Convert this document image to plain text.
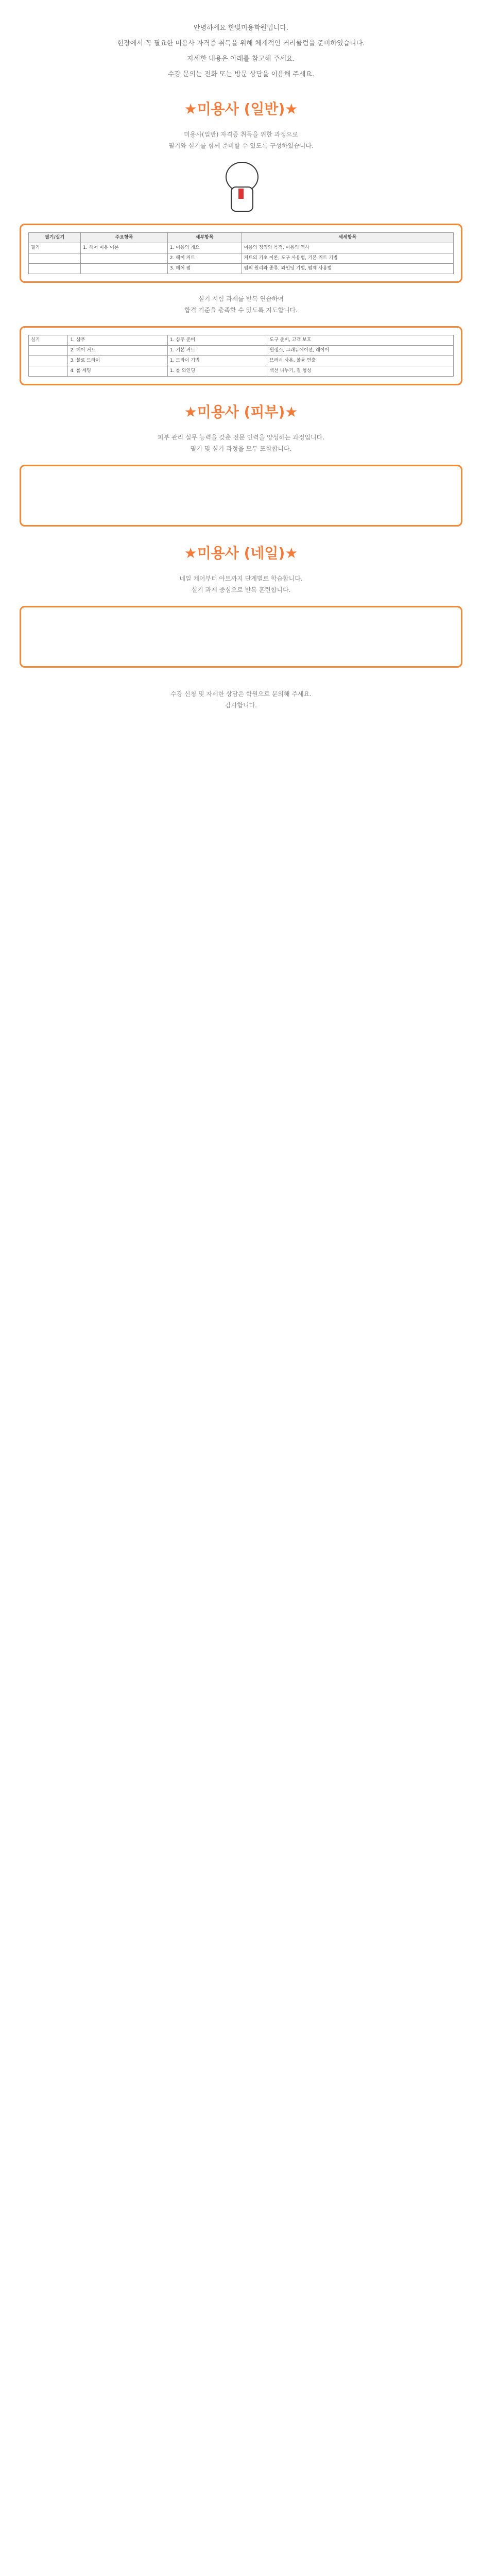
안녕하세요 한빛미용학원입니다.
현장에서 꼭 필요한 미용사 자격증 취득을 위해 체계적인 커리큘럼을 준비하였습니다.
자세한 내용은 아래를 참고해 주세요.
수강 문의는 전화 또는 방문 상담을 이용해 주세요.
★미용사 (일반)★
미용사(일반) 자격증 취득을 위한 과정으로
필기와 실기를 함께 준비할 수 있도록 구성하였습니다.
필기/실기	주요항목	세부항목	세세항목
필기	1. 헤어 미용 이론	1. 미용의 개요	미용의 정의와 목적, 미용의 역사
		2. 헤어 커트	커트의 기초 이론, 도구 사용법, 기본 커트 기법
		3. 헤어 펌	펌의 원리와 종류, 와인딩 기법, 펌제 사용법
실기 시험 과제를 반복 연습하여
합격 기준을 충족할 수 있도록 지도합니다.
실기	1. 샴푸	1. 샴푸 준비	도구 준비, 고객 보호
	2. 헤어 커트	1. 기본 커트	원랭스, 그래듀에이션, 레이어
	3. 블로 드라이	1. 드라이 기법	브러시 사용, 볼륨 연출
	4. 롤 세팅	1. 롤 와인딩	섹션 나누기, 컬 형성
★미용사 (피부)★
피부 관리 실무 능력을 갖춘 전문 인력을 양성하는 과정입니다.
필기 및 실기 과정을 모두 포함합니다.
★미용사 (네일)★
네일 케어부터 아트까지 단계별로 학습합니다.
실기 과제 중심으로 반복 훈련합니다.
수강 신청 및 자세한 상담은 학원으로 문의해 주세요.
감사합니다.
